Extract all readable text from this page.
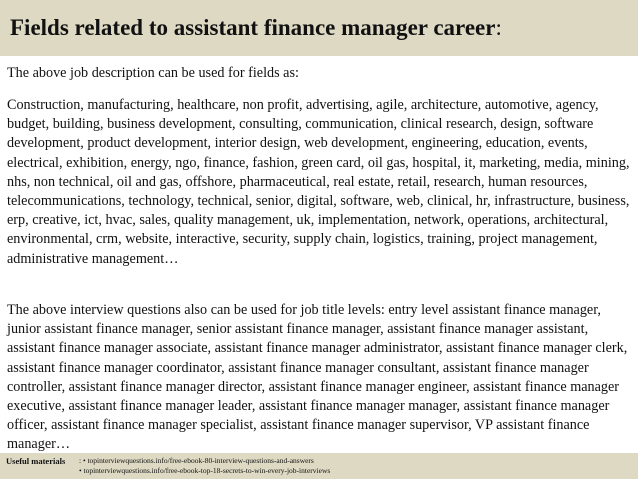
Fields related to assistant finance manager career:

The above job description can be used for fields as:

Construction, manufacturing, healthcare, non profit, advertising, agile, architecture, automotive, agency, budget, building, business development, consulting, communication, clinical research, design, software development, product development, interior design, web development, engineering, education, events, electrical, exhibition, energy, ngo, finance, fashion, green card, oil gas, hospital, it, marketing, media, mining, nhs, non technical, oil and gas, offshore, pharmaceutical, real estate, retail, research, human resources, telecommunications, technology, technical, senior, digital, software, web, clinical, hr, infrastructure, business, erp, creative, ict, hvac, sales, quality management, uk, implementation, network, operations, architectural, environmental, crm, website, interactive, security, supply chain, logistics, training, project management, administrative management…

The above interview questions also can be used for job title levels: entry level assistant finance manager, junior assistant finance manager, senior assistant finance manager, assistant finance manager assistant, assistant finance manager associate, assistant finance manager administrator, assistant finance manager clerk, assistant finance manager coordinator, assistant finance manager consultant, assistant finance manager controller, assistant finance manager director, assistant finance manager engineer, assistant finance manager executive, assistant finance manager leader, assistant finance manager manager, assistant finance manager officer, assistant finance manager specialist, assistant finance manager supervisor, VP assistant finance manager…

Useful materials : • topinterviewquestions.info/free-ebook-80-interview-questions-and-answers
• topinterviewquestions.info/free-ebook-top-18-secrets-to-win-every-job-interviews
